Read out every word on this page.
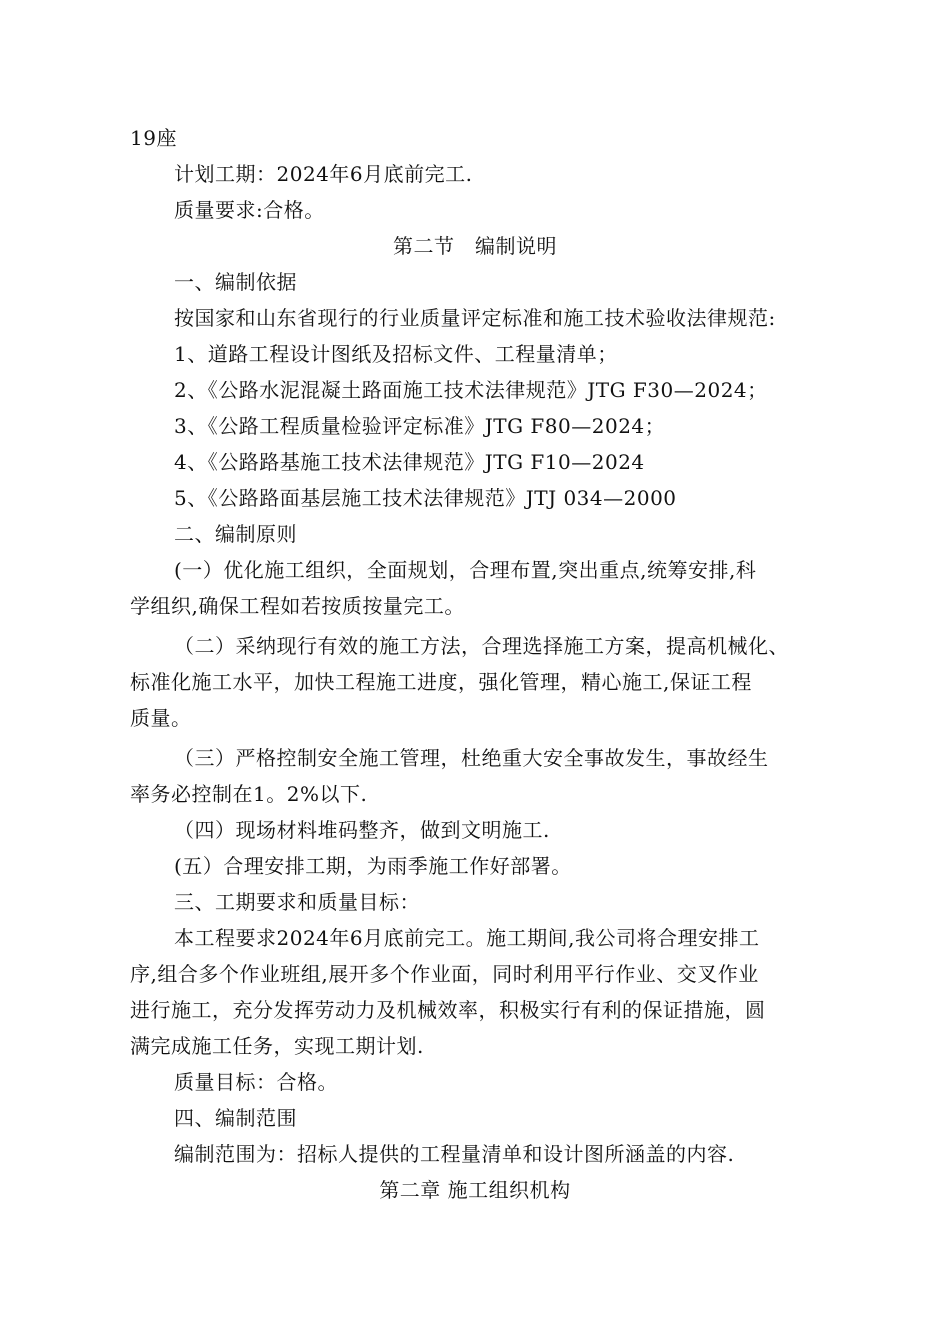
19座
计划工期：2024年6月底前完工.
质量要求:合格。
第二节　编制说明
一、编制依据
按国家和山东省现行的行业质量评定标准和施工技术验收法律规范:
1、道路工程设计图纸及招标文件、工程量清单；
2、《公路水泥混凝土路面施工技术法律规范》JTG F30—2024；
3、《公路工程质量检验评定标准》JTG F80—2024；
4、《公路路基施工技术法律规范》JTG F10—2024
5、《公路路面基层施工技术法律规范》JTJ 034—2000
二、编制原则
(一）优化施工组织，全面规划，合理布置,突出重点,统筹安排,科
学组织,确保工程如若按质按量完工。
（二）采纳现行有效的施工方法，合理选择施工方案，提高机械化、
标准化施工水平，加快工程施工进度，强化管理，精心施工,保证工程
质量。
（三）严格控制安全施工管理，杜绝重大安全事故发生，事故经生
率务必控制在1。2%以下.
（四）现场材料堆码整齐，做到文明施工.
(五）合理安排工期，为雨季施工作好部署。
三、工期要求和质量目标：
本工程要求2024年6月底前完工。施工期间,我公司将合理安排工
序,组合多个作业班组,展开多个作业面，同时利用平行作业、交叉作业
进行施工，充分发挥劳动力及机械效率，积极实行有利的保证措施，圆
满完成施工任务，实现工期计划.
质量目标：合格。
四、编制范围
编制范围为：招标人提供的工程量清单和设计图所涵盖的内容.
第二章 施工组织机构
